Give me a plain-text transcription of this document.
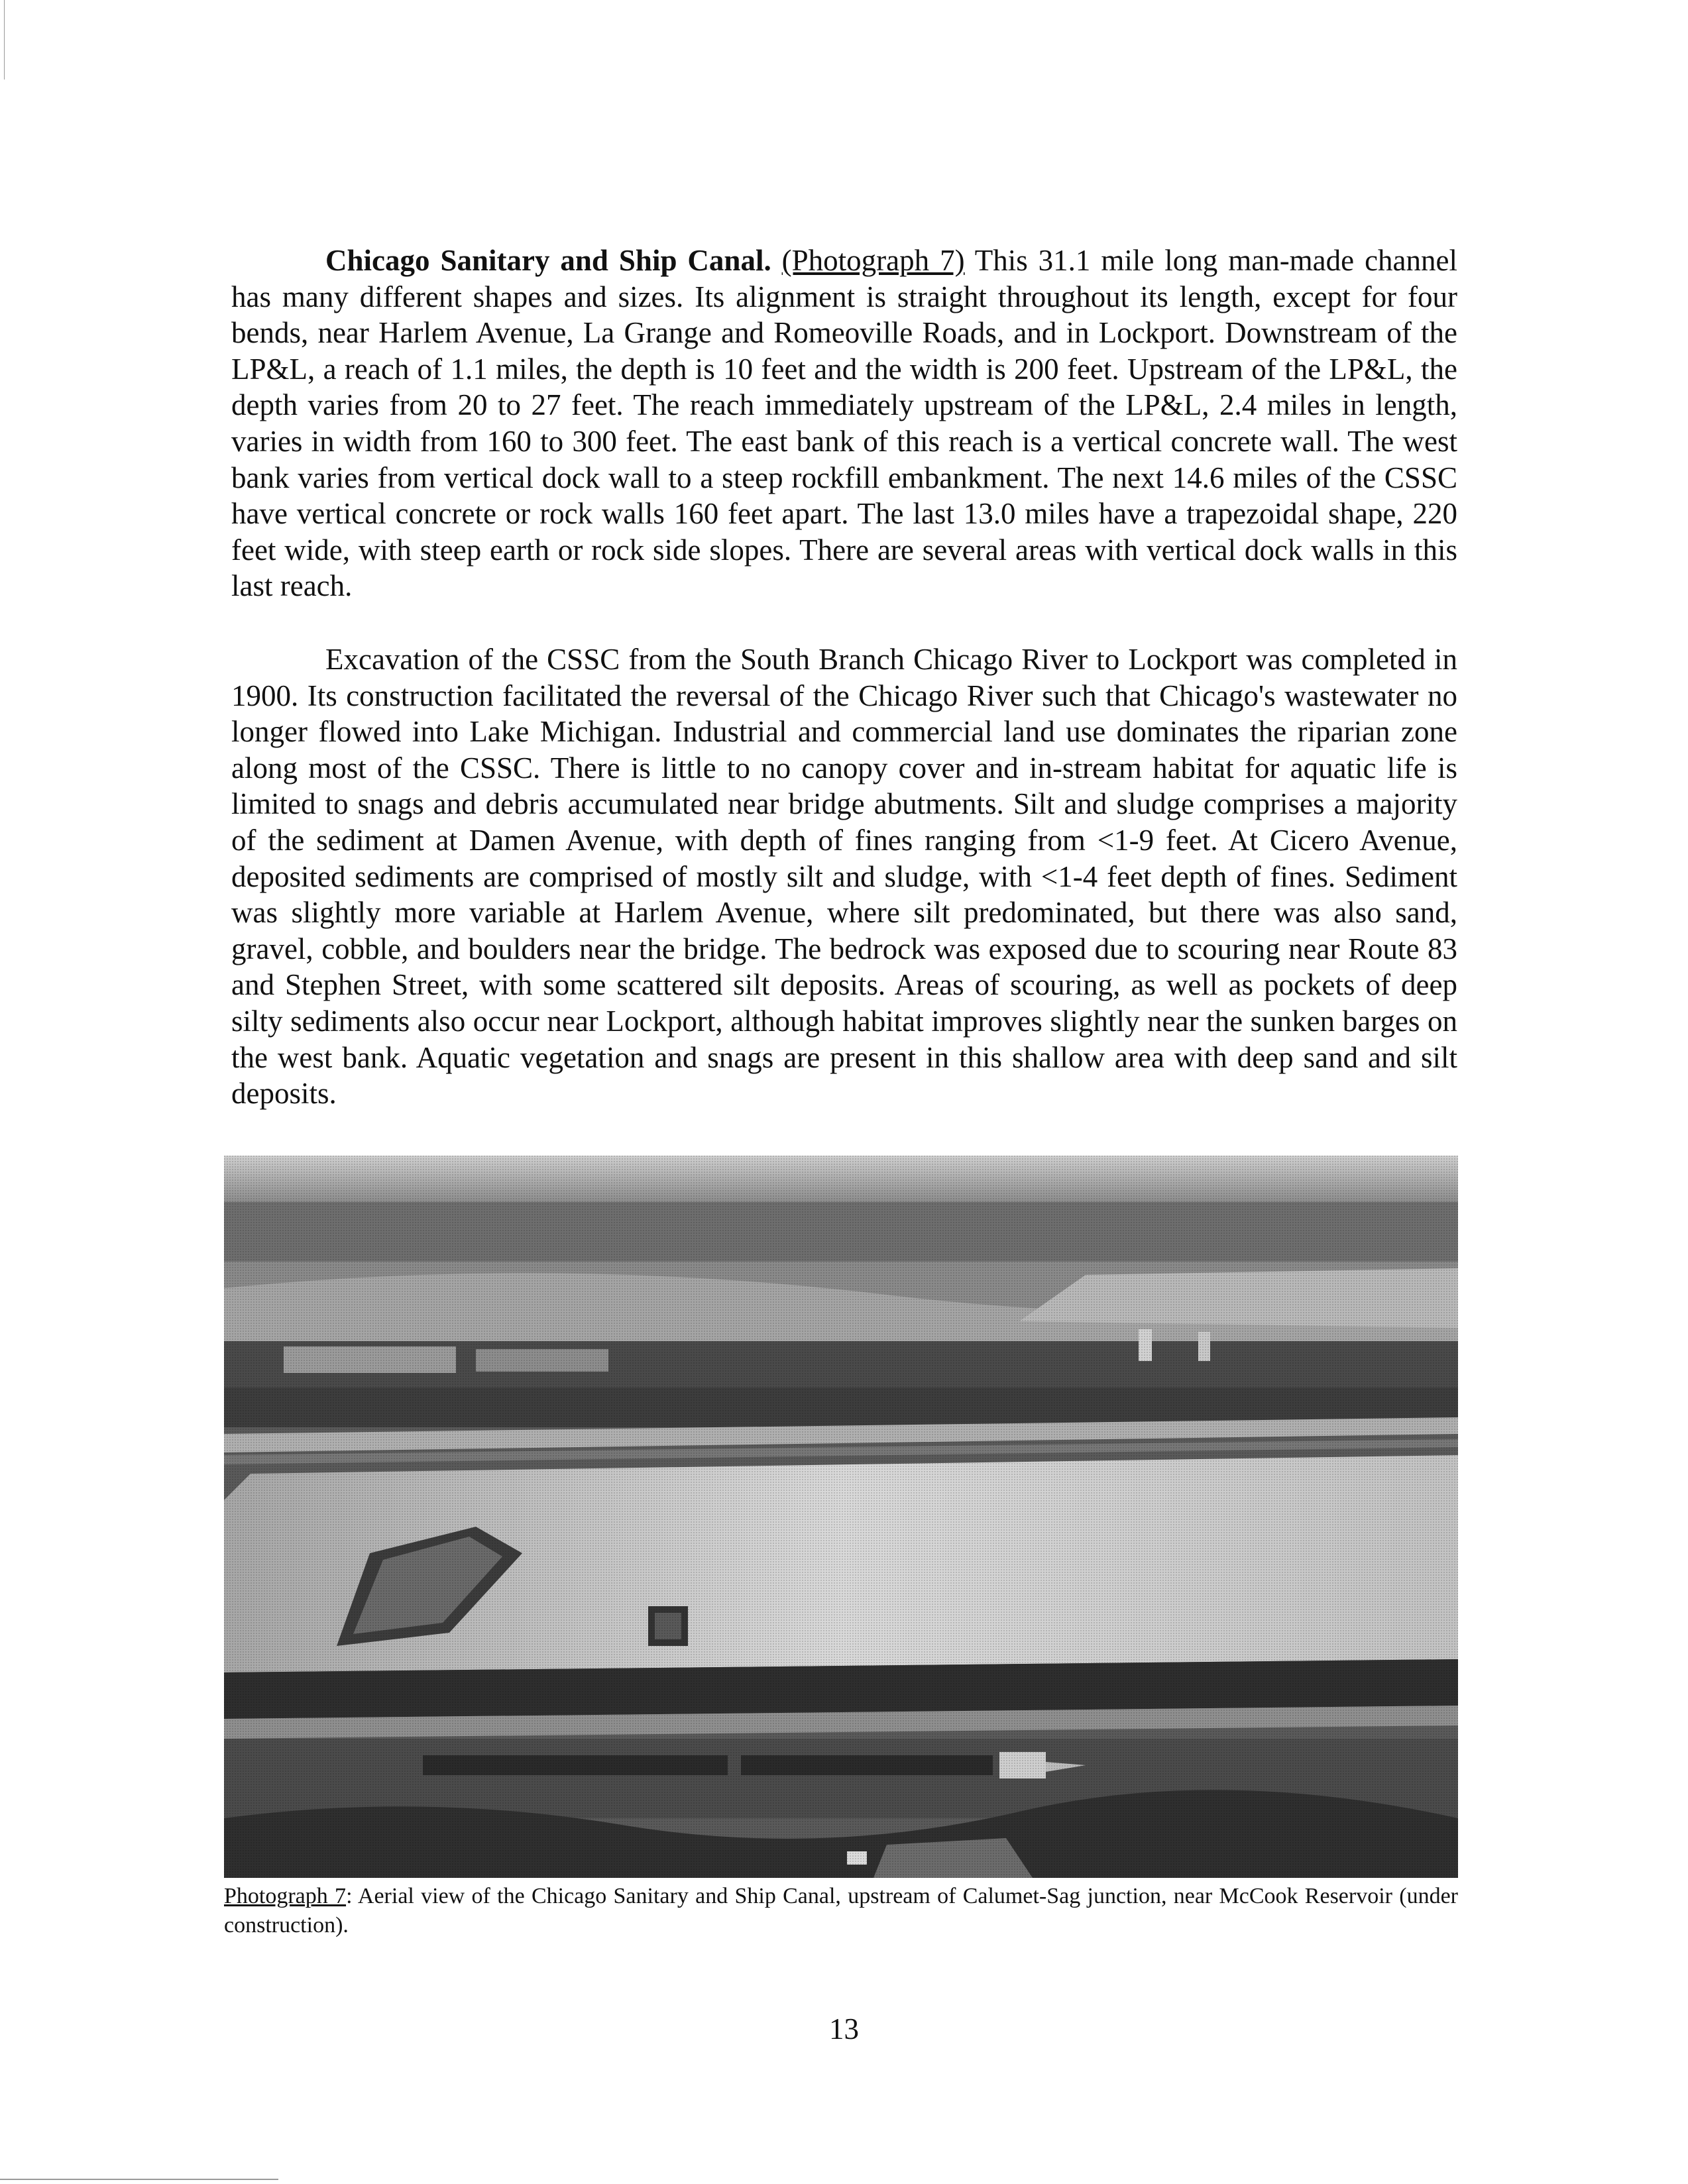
Chicago Sanitary and Ship Canal. (Photograph 7) This 31.1 mile long man-made channel has many different shapes and sizes. Its alignment is straight throughout its length, except for four bends, near Harlem Avenue, La Grange and Romeoville Roads, and in Lockport. Downstream of the LP&L, a reach of 1.1 miles, the depth is 10 feet and the width is 200 feet. Upstream of the LP&L, the depth varies from 20 to 27 feet. The reach immediately upstream of the LP&L, 2.4 miles in length, varies in width from 160 to 300 feet. The east bank of this reach is a vertical concrete wall. The west bank varies from vertical dock wall to a steep rockfill embankment. The next 14.6 miles of the CSSC have vertical concrete or rock walls 160 feet apart. The last 13.0 miles have a trapezoidal shape, 220 feet wide, with steep earth or rock side slopes. There are several areas with vertical dock walls in this last reach.

Excavation of the CSSC from the South Branch Chicago River to Lockport was completed in 1900. Its construction facilitated the reversal of the Chicago River such that Chicago's wastewater no longer flowed into Lake Michigan. Industrial and commercial land use dominates the riparian zone along most of the CSSC. There is little to no canopy cover and in-stream habitat for aquatic life is limited to snags and debris accumulated near bridge abutments. Silt and sludge comprises a majority of the sediment at Damen Avenue, with depth of fines ranging from <1-9 feet. At Cicero Avenue, deposited sediments are comprised of mostly silt and sludge, with <1-4 feet depth of fines. Sediment was slightly more variable at Harlem Avenue, where silt predominated, but there was also sand, gravel, cobble, and boulders near the bridge. The bedrock was exposed due to scouring near Route 83 and Stephen Street, with some scattered silt deposits. Areas of scouring, as well as pockets of deep silty sediments also occur near Lockport, although habitat improves slightly near the sunken barges on the west bank. Aquatic vegetation and snags are present in this shallow area with deep sand and silt deposits.

Photograph 7: Aerial view of the Chicago Sanitary and Ship Canal, upstream of Calumet-Sag junction, near McCook Reservoir (under construction).
13
